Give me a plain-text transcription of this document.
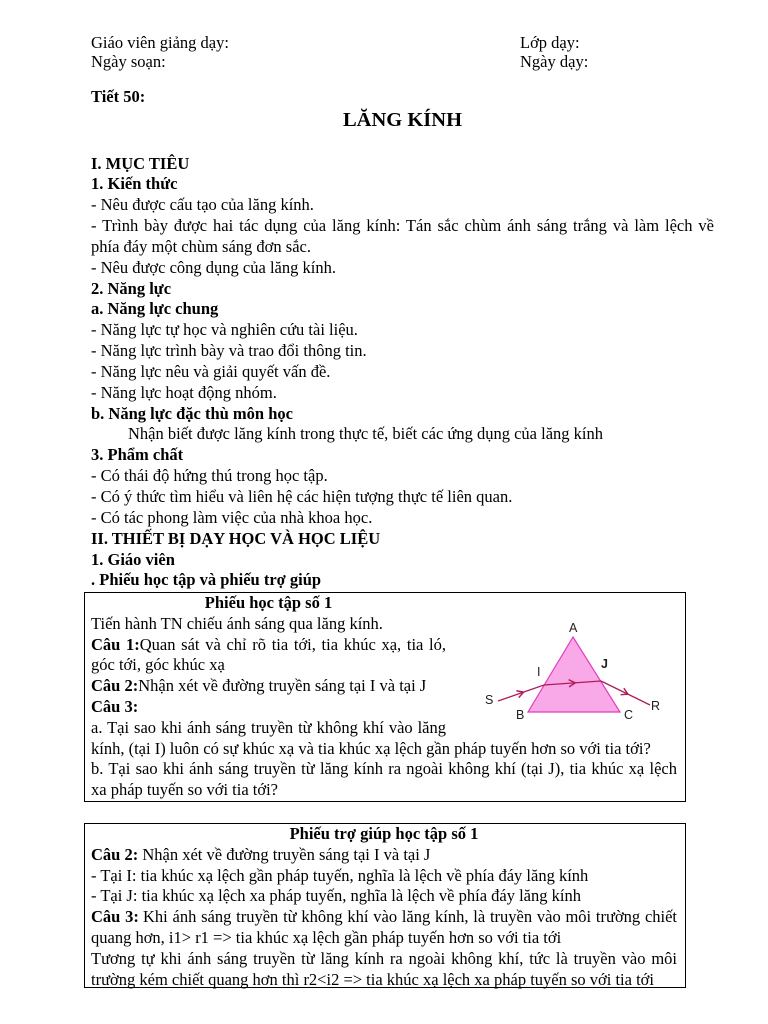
Giáo viên giảng dạy:	Lớp dạy:
Ngày soạn:	Ngày dạy:
Tiết 50:
LĂNG KÍNH
I. MỤC TIÊU
1. Kiến thức
- Nêu được cấu tạo của lăng kính.
- Trình bày được hai tác dụng của lăng kính: Tán sắc chùm ánh sáng trắng và làm lệch về
phía đáy một chùm sáng đơn sắc.
- Nêu được công dụng của lăng kính.
2. Năng lực
a. Năng lực chung
- Năng lực tự học và nghiên cứu tài liệu.
- Năng lực trình bày và trao đổi thông tin.
- Năng lực nêu và giải quyết vấn đề.
- Năng lực hoạt động nhóm.
b. Năng lực đặc thù môn học
Nhận biết được lăng kính trong thực tế, biết các ứng dụng của lăng kính
3. Phẩm chất
- Có thái độ hứng thú trong học tập.
- Có ý thức tìm hiểu và liên hệ các hiện tượng thực tế liên quan.
- Có tác phong làm việc của nhà khoa học.
II. THIẾT BỊ DẠY HỌC VÀ HỌC LIỆU
1. Giáo viên
. Phiếu học tập và phiếu trợ giúp
Phiếu học tập số 1
Tiến hành TN chiếu ánh sáng qua lăng kính.
Câu 1:Quan sát và chỉ rõ tia tới, tia khúc xạ, tia ló,
góc tới, góc khúc xạ
Câu 2:Nhận xét về đường truyền sáng tại I và tại J
Câu 3:
a. Tại sao khi ánh sáng truyền từ không khí vào lăng
kính, (tại I) luôn có sự khúc xạ và tia khúc xạ lệch gần pháp tuyến hơn so với tia tới?
b. Tại sao khi ánh sáng truyền từ lăng kính ra ngoài không khí (tại J), tia khúc xạ lệch
xa pháp tuyến so với tia tới?
A
B	C
I
J
S	R
Phiếu trợ giúp học tập số 1
Câu 2: Nhận xét về đường truyền sáng tại I và tại J
- Tại I: tia khúc xạ lệch gần pháp tuyến, nghĩa là lệch về phía đáy lăng kính
- Tại J: tia khúc xạ lệch xa pháp tuyến, nghĩa là lệch về phía đáy lăng kính
Câu 3: Khi ánh sáng truyền từ không khí vào lăng kính, là truyền vào môi trường chiết
quang hơn, i1> r1 => tia khúc xạ lệch gần pháp tuyến hơn so với tia tới
Tương tự khi ánh sáng truyền từ lăng kính ra ngoài không khí, tức là truyền vào môi
trường kém chiết quang hơn thì r2<i2 => tia khúc xạ lệch xa pháp tuyến so với tia tới
